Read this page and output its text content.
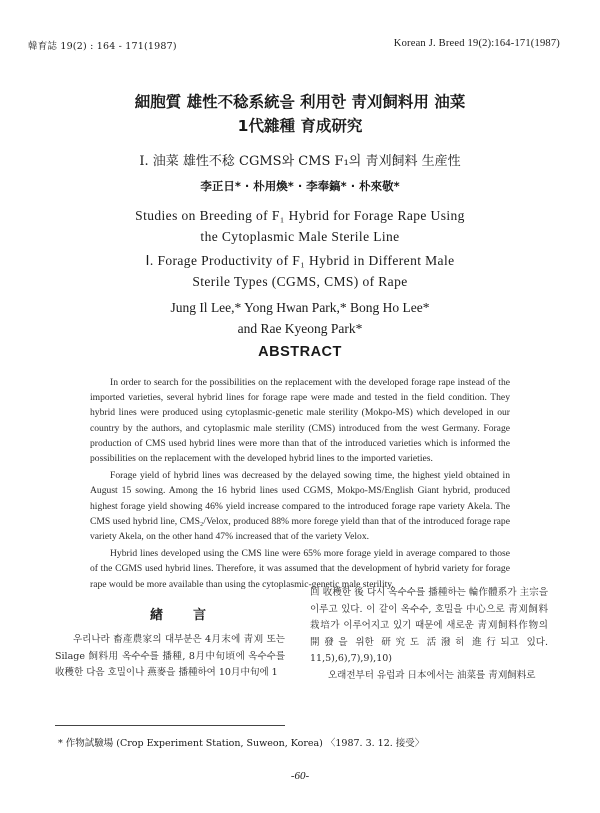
韓育誌 19(2) : 164 - 171(1987)	Korean J. Breed 19(2):164-171(1987)
細胞質 雄性不稔系統을 利用한 靑刈飼料用 油菜
1代雜種 育成研究
Ⅰ. 油菜 雄性不稔 CGMS와 CMS F₁의 靑刈飼料 生産性
李正日* · 朴用煥* · 李奉鎬* · 朴來敬*
Studies on Breeding of F₁ Hybrid for Forage Rape Using
the Cytoplasmic Male Sterile Line
Ⅰ. Forage Productivity of F₁ Hybrid in Different Male
Sterile Types (CGMS, CMS) of Rape
Jung Il Lee,* Yong Hwan Park,* Bong Ho Lee*
and Rae Kyeong Park*
ABSTRACT

In order to search for the possibilities on the replacement with the developed forage rape instead of the imported varieties, several hybrid lines for forage rape were made and tested in the field condition. They hybrid lines were produced using cytoplasmic-genetic male sterility (Mokpo-MS) which developed in our country by the authors, and cytoplasmic male sterility (CMS) introduced from the west Germany. Forage production of CMS used hybrid lines were more than that of the introduced varieties which is informed the possibilities on the replacement with the developed hybrid lines to the imported varieties.

Forage yield of hybrid lines was decreased by the delayed sowing time, the highest yield obtained in August 15 sowing. Among the 16 hybrid lines used CGMS, Mokpo-MS/English Giant hybrid, produced highest forage yield showing 46% yield increase compared to the introduced forage rape variety Akela. The CMS used hybrid line, CMS₂/Velox, produced 88% more forege yield than that of the introduced forage rape variety Akela, on the other hand 47% increased that of the variety Velox.

Hybrid lines developed using the CMS line were 65% more forage yield in average compared to those of the CGMS used hybrid lines. Therefore, it was assumed that the development of hybrid variety for forage rape would be more available than using the cytoplasmic-genetic male sterility.

緖言

우리나라 畜產農家의 대부분은 4月末에 靑刈 또는 Silage 飼料用 옥수수를 播種, 8月中旬頃에 옥수수를 收穫한 다음 호밀이나 燕麥을 播種하여 10月中旬에 1

回 收穫한 後 다시 옥수수를 播種하는 輪作體系가 主宗을 이루고 있다. 이 같이 옥수수, 호밀을 中心으로 靑刈飼料栽培가 이루어지고 있기 때문에 새로운 靑刈飼料作物의 開發을 위한 研究도 活潑히 進行되고 있다. 11,5),6),7),9),10)

오래전부터 유럽과 日本에서는 油菜를 靑刈飼料로

* 作物試驗場 (Crop Experiment Station, Suweon, Korea) 〈1987. 3. 12. 接受〉
-60-
